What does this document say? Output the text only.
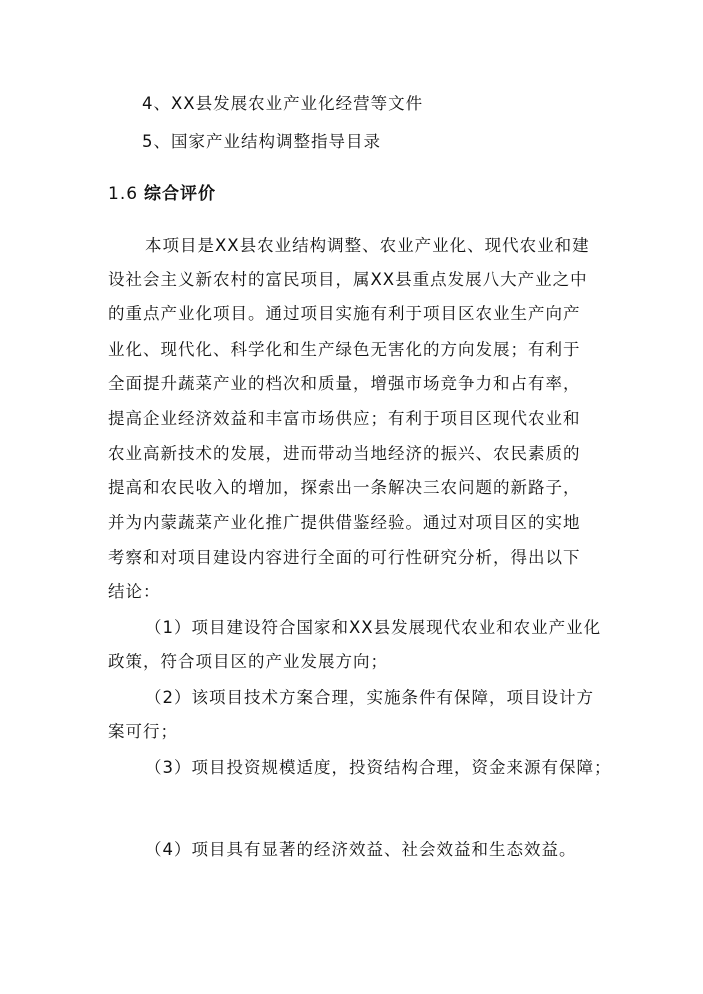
4、XX县发展农业产业化经营等文件
5、国家产业结构调整指导目录
1.6 综合评价
本项目是XX县农业结构调整、农业产业化、现代农业和建
设社会主义新农村的富民项目，属XX县重点发展八大产业之中
的重点产业化项目。通过项目实施有利于项目区农业生产向产
业化、现代化、科学化和生产绿色无害化的方向发展；有利于
全面提升蔬菜产业的档次和质量，增强市场竞争力和占有率，
提高企业经济效益和丰富市场供应；有利于项目区现代农业和
农业高新技术的发展，进而带动当地经济的振兴、农民素质的
提高和农民收入的增加，探索出一条解决三农问题的新路子，
并为内蒙蔬菜产业化推广提供借鉴经验。通过对项目区的实地
考察和对项目建设内容进行全面的可行性研究分析，得出以下
结论：
（1）项目建设符合国家和XX县发展现代农业和农业产业化
政策，符合项目区的产业发展方向；
（2）该项目技术方案合理，实施条件有保障，项目设计方
案可行；
（3）项目投资规模适度，投资结构合理，资金来源有保障；
（4）项目具有显著的经济效益、社会效益和生态效益。
